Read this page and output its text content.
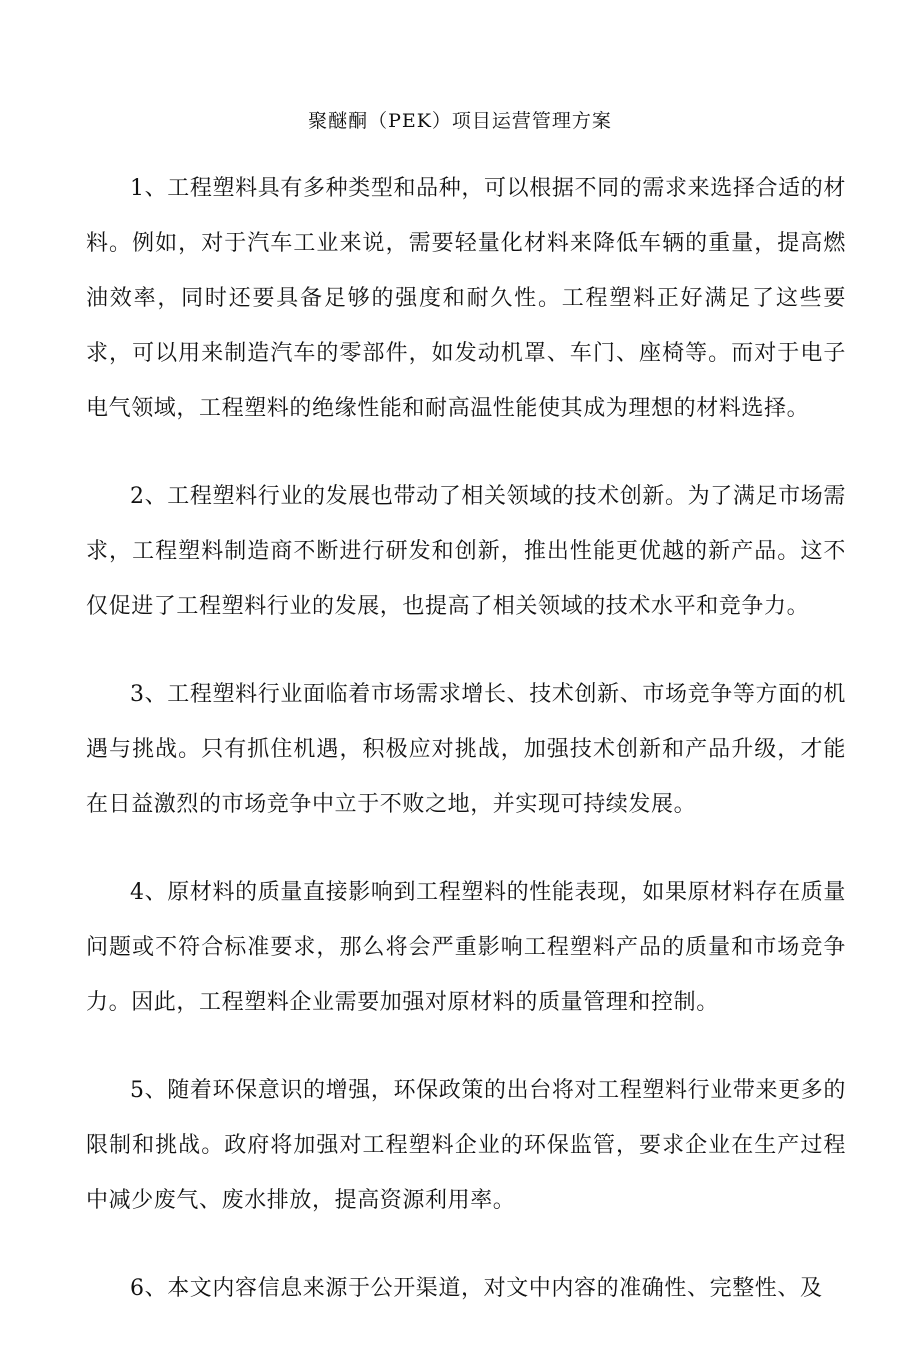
聚醚酮（PEK）项目运营管理方案

1、工程塑料具有多种类型和品种，可以根据不同的需求来选择合适的材料。例如，对于汽车工业来说，需要轻量化材料来降低车辆的重量，提高燃油效率，同时还要具备足够的强度和耐久性。工程塑料正好满足了这些要求，可以用来制造汽车的零部件，如发动机罩、车门、座椅等。而对于电子电气领域，工程塑料的绝缘性能和耐高温性能使其成为理想的材料选择。

2、工程塑料行业的发展也带动了相关领域的技术创新。为了满足市场需求，工程塑料制造商不断进行研发和创新，推出性能更优越的新产品。这不仅促进了工程塑料行业的发展，也提高了相关领域的技术水平和竞争力。

3、工程塑料行业面临着市场需求增长、技术创新、市场竞争等方面的机遇与挑战。只有抓住机遇，积极应对挑战，加强技术创新和产品升级，才能在日益激烈的市场竞争中立于不败之地，并实现可持续发展。

4、原材料的质量直接影响到工程塑料的性能表现，如果原材料存在质量问题或不符合标准要求，那么将会严重影响工程塑料产品的质量和市场竞争力。因此，工程塑料企业需要加强对原材料的质量管理和控制。

5、随着环保意识的增强，环保政策的出台将对工程塑料行业带来更多的限制和挑战。政府将加强对工程塑料企业的环保监管，要求企业在生产过程中减少废气、废水排放，提高资源利用率。

6、本文内容信息来源于公开渠道，对文中内容的准确性、完整性、及
